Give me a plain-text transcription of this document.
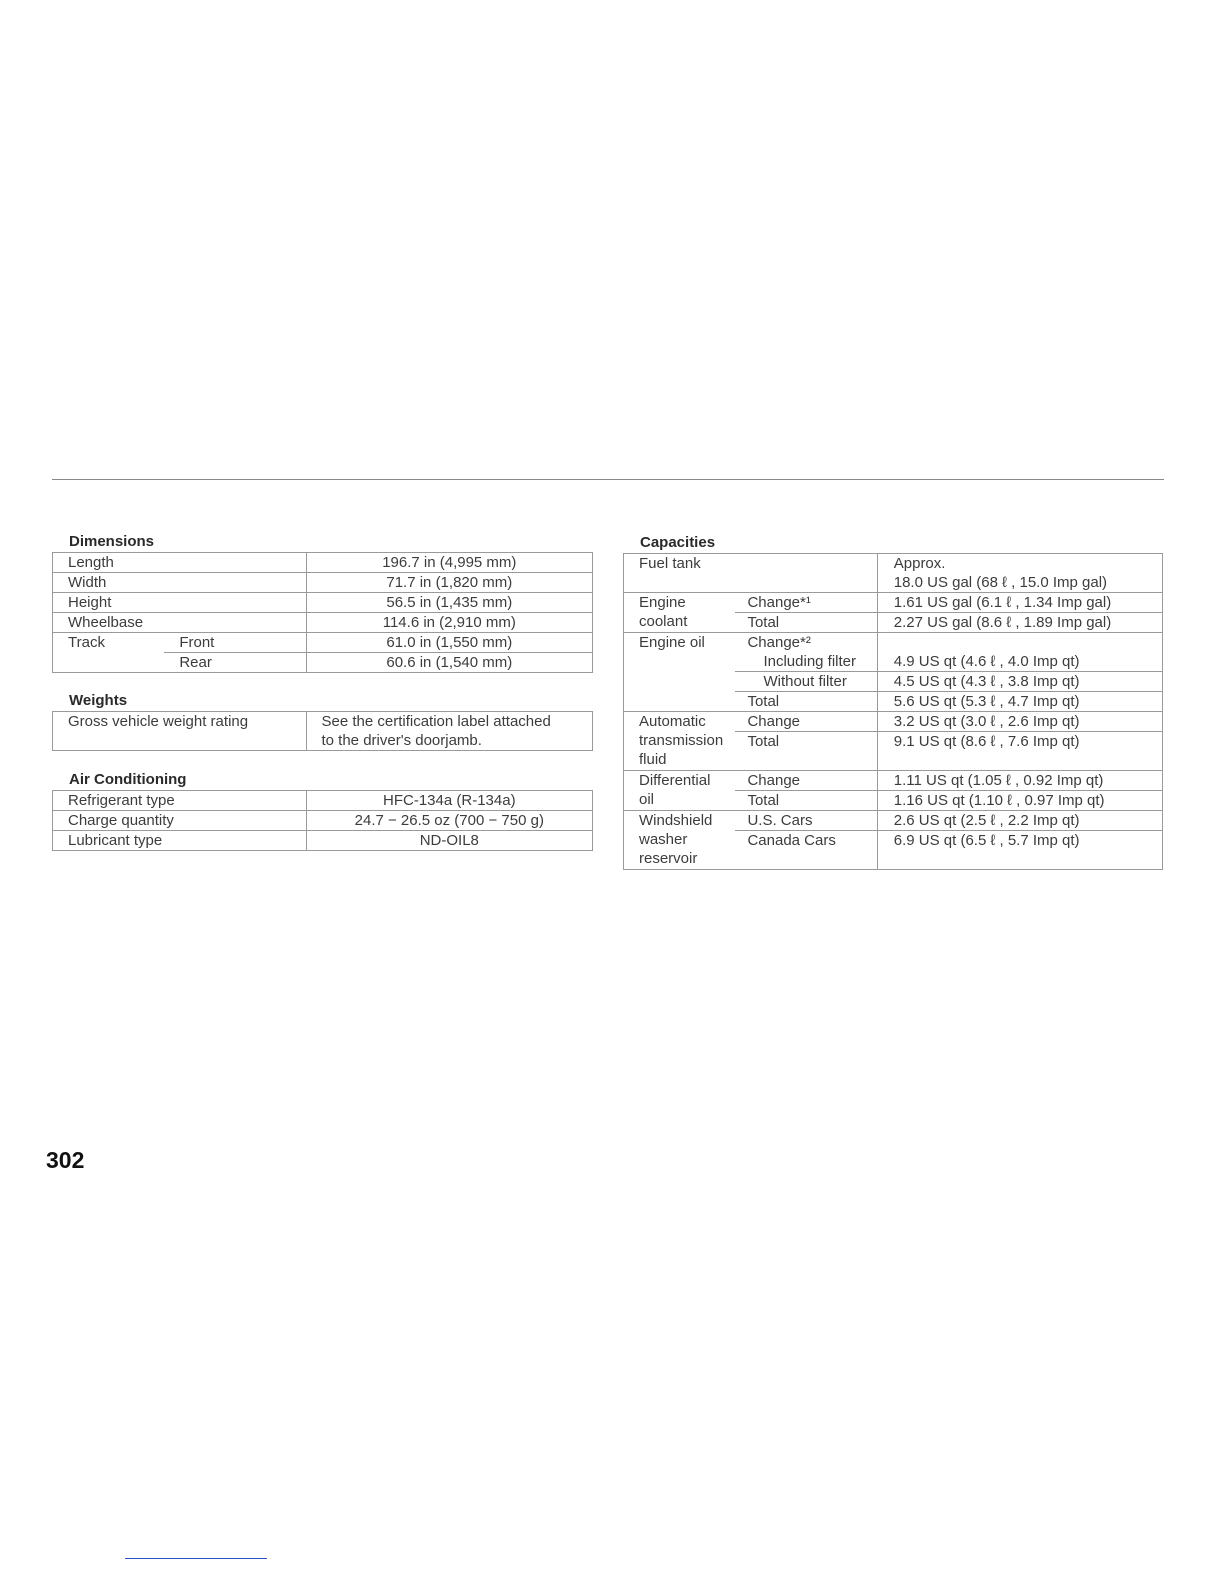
Dimensions
Length		196.7 in (4,995 mm)
Width		71.7 in (1,820 mm)
Height		56.5 in (1,435 mm)
Wheelbase		114.6 in (2,910 mm)
Track	Front	61.0 in (1,550 mm)
	Rear	60.6 in (1,540 mm)
Weights
Gross vehicle weight rating	See the certification label attached
to the driver's doorjamb.
Air Conditioning
Refrigerant type	HFC-134a (R-134a)
Charge quantity	24.7 − 26.5 oz (700 − 750 g)
Lubricant type	ND-OIL8
Capacities
Fuel tank		Approx.
18.0 US gal (68 ℓ , 15.0 Imp gal)

Engine
coolant	Change*¹	1.61 US gal (6.1 ℓ , 1.34 Imp gal)
	Total	2.27 US gal (8.6 ℓ , 1.89 Imp gal)
Engine oil	Change*²	
	Including filter	4.9 US qt (4.6 ℓ , 4.0 Imp qt)
	Without filter	4.5 US qt (4.3 ℓ , 3.8 Imp qt)
	Total	5.6 US qt (5.3 ℓ , 4.7 Imp qt)

Automatic
transmission
fluid	Change	3.2 US qt (3.0 ℓ , 2.6 Imp qt)
	Total	9.1 US qt (8.6 ℓ , 7.6 Imp qt)

Differential
oil	Change	1.11 US qt (1.05 ℓ , 0.92 Imp qt)
	Total	1.16 US qt (1.10 ℓ , 0.97 Imp qt)

Windshield
washer
reservoir	U.S. Cars	2.6 US qt (2.5 ℓ , 2.2 Imp qt)
	Canada Cars	6.9 US qt (6.5 ℓ , 5.7 Imp qt)
302
